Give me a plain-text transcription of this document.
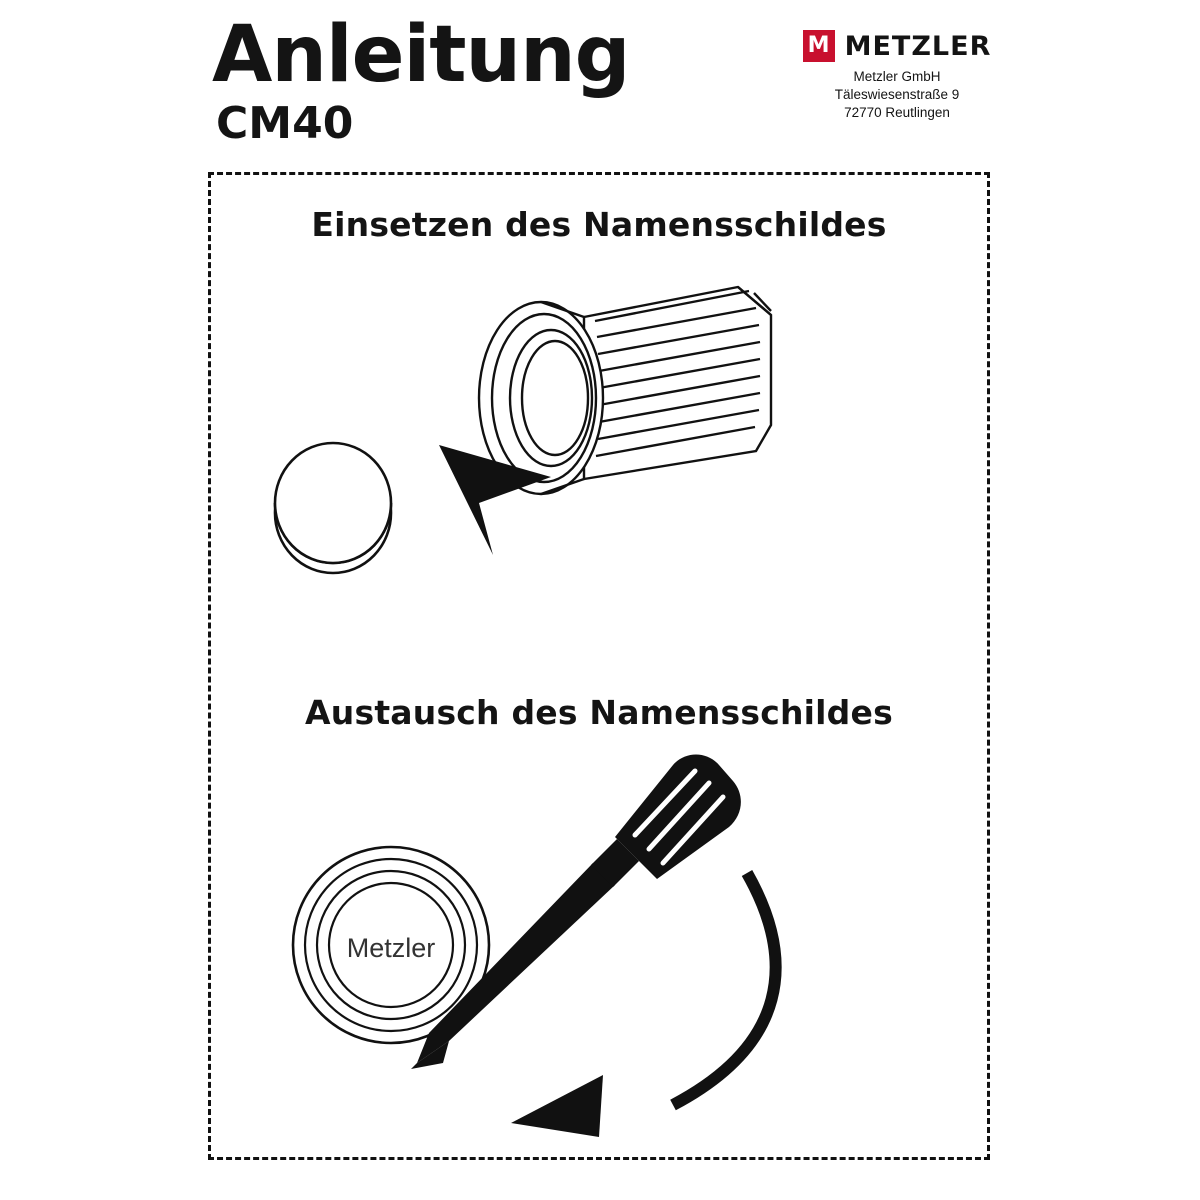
Anleitung
CM40
M METZLER
Metzler GmbH
Täleswiesenstraße 9
72770 Reutlingen
Einsetzen des Namensschildes
Austausch des Namensschildes
Metzler
